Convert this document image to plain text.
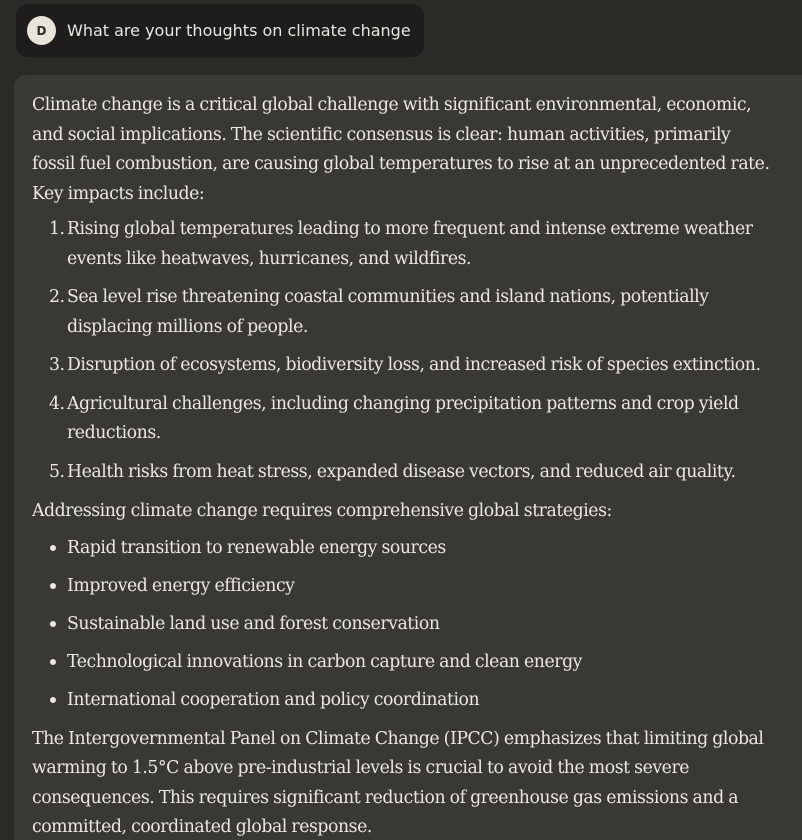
D	What are your thoughts on climate change

Climate change is a critical global challenge with significant environmental, economic, and social implications. The scientific consensus is clear: human activities, primarily fossil fuel combustion, are causing global temperatures to rise at an unprecedented rate. Key impacts include:

1. Rising global temperatures leading to more frequent and intense extreme weather events like heatwaves, hurricanes, and wildfires.
2. Sea level rise threatening coastal communities and island nations, potentially displacing millions of people.
3. Disruption of ecosystems, biodiversity loss, and increased risk of species extinction.
4. Agricultural challenges, including changing precipitation patterns and crop yield reductions.
5. Health risks from heat stress, expanded disease vectors, and reduced air quality.

Addressing climate change requires comprehensive global strategies:

Rapid transition to renewable energy sources
Improved energy efficiency
Sustainable land use and forest conservation
Technological innovations in carbon capture and clean energy
International cooperation and policy coordination

The Intergovernmental Panel on Climate Change (IPCC) emphasizes that limiting global warming to 1.5°C above pre-industrial levels is crucial to avoid the most severe consequences. This requires significant reduction of greenhouse gas emissions and a committed, coordinated global response.
